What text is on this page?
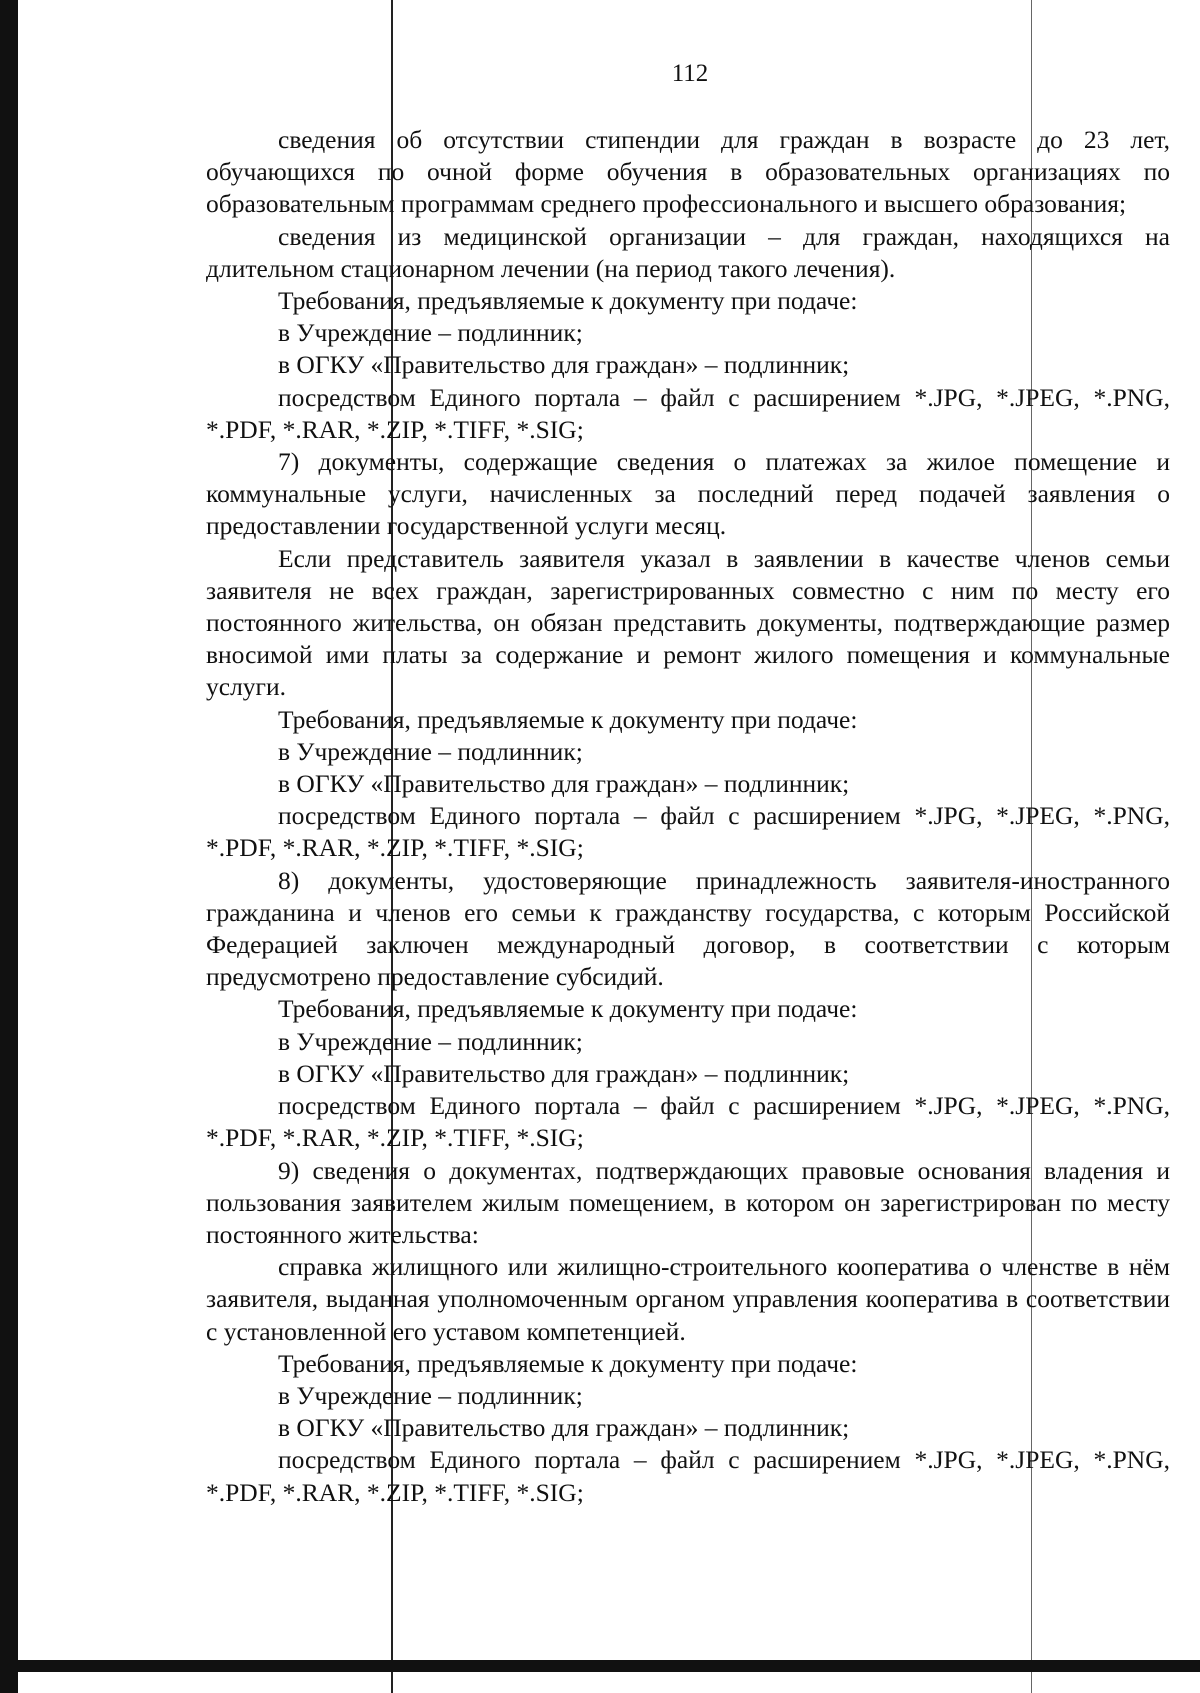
112

сведения об отсутствии стипендии для граждан в возрасте до 23 лет, обучающихся по очной форме обучения в образовательных организациях по образовательным программам среднего профессионального и высшего образования;

сведения из медицинской организации – для граждан, находящихся на длительном стационарном лечении (на период такого лечения).

Требования, предъявляемые к документу при подаче:

в Учреждение – подлинник;

в ОГКУ «Правительство для граждан» – подлинник;

посредством Единого портала – файл с расширением *.JPG, *.JPEG, *.PNG, *.PDF, *.RAR, *.ZIP, *.TIFF, *.SIG;

7) документы, содержащие сведения о платежах за жилое помещение и коммунальные услуги, начисленных за последний перед подачей заявления о предоставлении государственной услуги месяц.

Если представитель заявителя указал в заявлении в качестве членов семьи заявителя не всех граждан, зарегистрированных совместно с ним по месту его постоянного жительства, он обязан представить документы, подтверждающие размер вносимой ими платы за содержание и ремонт жилого помещения и коммунальные услуги.

Требования, предъявляемые к документу при подаче:

в Учреждение – подлинник;

в ОГКУ «Правительство для граждан» – подлинник;

посредством Единого портала – файл с расширением *.JPG, *.JPEG, *.PNG, *.PDF, *.RAR, *.ZIP, *.TIFF, *.SIG;

8) документы, удостоверяющие принадлежность заявителя-иностранного гражданина и членов его семьи к гражданству государства, с которым Российской Федерацией заключен международный договор, в соответствии с которым предусмотрено предоставление субсидий.

Требования, предъявляемые к документу при подаче:

в Учреждение – подлинник;

в ОГКУ «Правительство для граждан» – подлинник;

посредством Единого портала – файл с расширением *.JPG, *.JPEG, *.PNG, *.PDF, *.RAR, *.ZIP, *.TIFF, *.SIG;

9) сведения о документах, подтверждающих правовые основания владения и пользования заявителем жилым помещением, в котором он зарегистрирован по месту постоянного жительства:

справка жилищного или жилищно-строительного кооператива о членстве в нём заявителя, выданная уполномоченным органом управления кооператива в соответствии с установленной его уставом компетенцией.

Требования, предъявляемые к документу при подаче:

в Учреждение – подлинник;

в ОГКУ «Правительство для граждан» – подлинник;

посредством Единого портала – файл с расширением *.JPG, *.JPEG, *.PNG, *.PDF, *.RAR, *.ZIP, *.TIFF, *.SIG;
